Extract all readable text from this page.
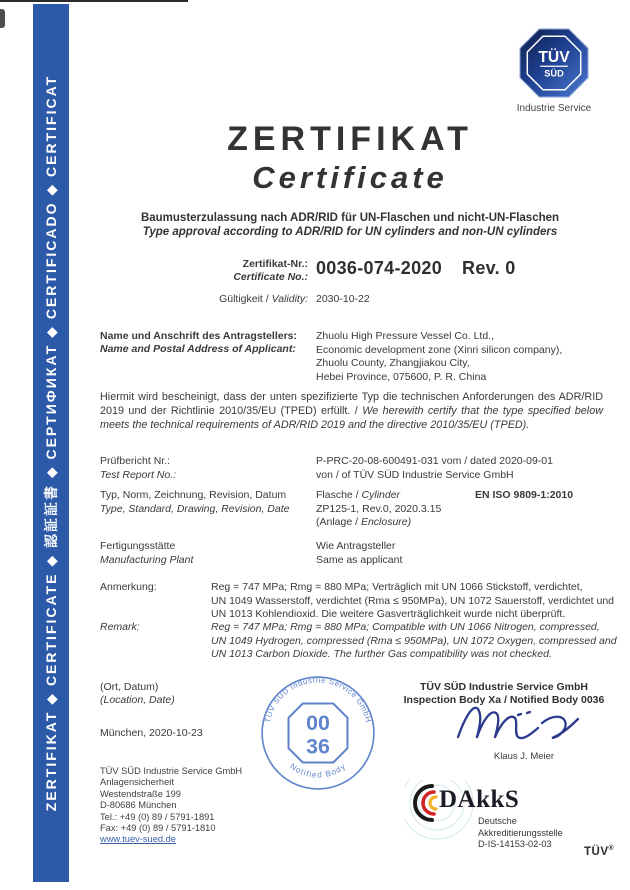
ZERTIFIKAT ◆ CERTIFICATE ◆ 認証証書 ◆ СЕРТИФИКАТ ◆ CERTIFICADO ◆ CERTIFICAT
TÜV
SÜD
Industrie Service
ZERTIFIKAT
Certificate
Baumusterzulassung nach ADR/RID für UN-Flaschen und nicht-UN-Flaschen
Type approval according to ADR/RID for UN cylinders and non-UN cylinders
Zertifikat-Nr.:
Certificate No.: 0036-074-2020 Rev. 0
Gültigkeit / Validity: 2030-10-22
Name und Anschrift des Antragstellers:
Name and Postal Address of Applicant:
Zhuolu High Pressure Vessel Co. Ltd.,
Economic development zone (Xinri silicon company),
Zhuolu County, Zhangjiakou City,
Hebei Province, 075600, P. R. China
Hiermit wird bescheinigt, dass der unten spezifizierte Typ die technischen Anforderungen des ADR/RID 2019 und der Richtlinie 2010/35/EU (TPED) erfüllt. / We herewith certify that the type specified below meets the technical requirements of ADR/RID 2019 and the directive 2010/35/EU (TPED).
Prüfbericht Nr.:
Test Report No.:
P-PRC-20-08-600491-031 vom / dated 2020-09-01
von / of TÜV SÜD Industrie Service GmbH
Typ, Norm, Zeichnung, Revision, Datum
Type, Standard, Drawing, Revision, Date
Flasche / Cylinder
ZP125-1, Rev.0, 2020.3.15
(Anlage / Enclosure)
EN ISO 9809-1:2010
Fertigungsstätte
Manufacturing Plant
Wie Antragsteller
Same as applicant
Anmerkung:	Reg = 747 MPa; Rmg = 880 MPa; Verträglich mit UN 1066 Stickstoff, verdichtet,
UN 1049 Wasserstoff, verdichtet (Rma ≤ 950MPa), UN 1072 Sauerstoff, verdichtet und
UN 1013 Kohlendioxid. Die weitere Gasverträglichkeit wurde nicht überprüft.
Remark:	Reg = 747 MPa; Rmg = 880 MPa; Compatible with UN 1066 Nitrogen, compressed,
UN 1049 Hydrogen, compressed (Rma ≤ 950MPa), UN 1072 Oxygen, compressed and
UN 1013 Carbon Dioxide. The further Gas compatibility was not checked.
(Ort, Datum)
(Location, Date)
München, 2020-10-23
TÜV SÜD Industrie Service GmbH
Notified Body
00
36
TÜV SÜD Industrie Service GmbH
Inspection Body Xa / Notified Body 0036
Klaus J. Meier
TÜV SÜD Industrie Service GmbH
Anlagensicherheit
Westendstraße 199
D-80686 München
Tel.: +49 (0) 89 / 5791-1891
Fax: +49 (0) 89 / 5791-1810
www.tuev-sued.de
DAkkS
Deutsche
Akkreditierungsstelle
D-IS-14153-02-03
TÜV®
